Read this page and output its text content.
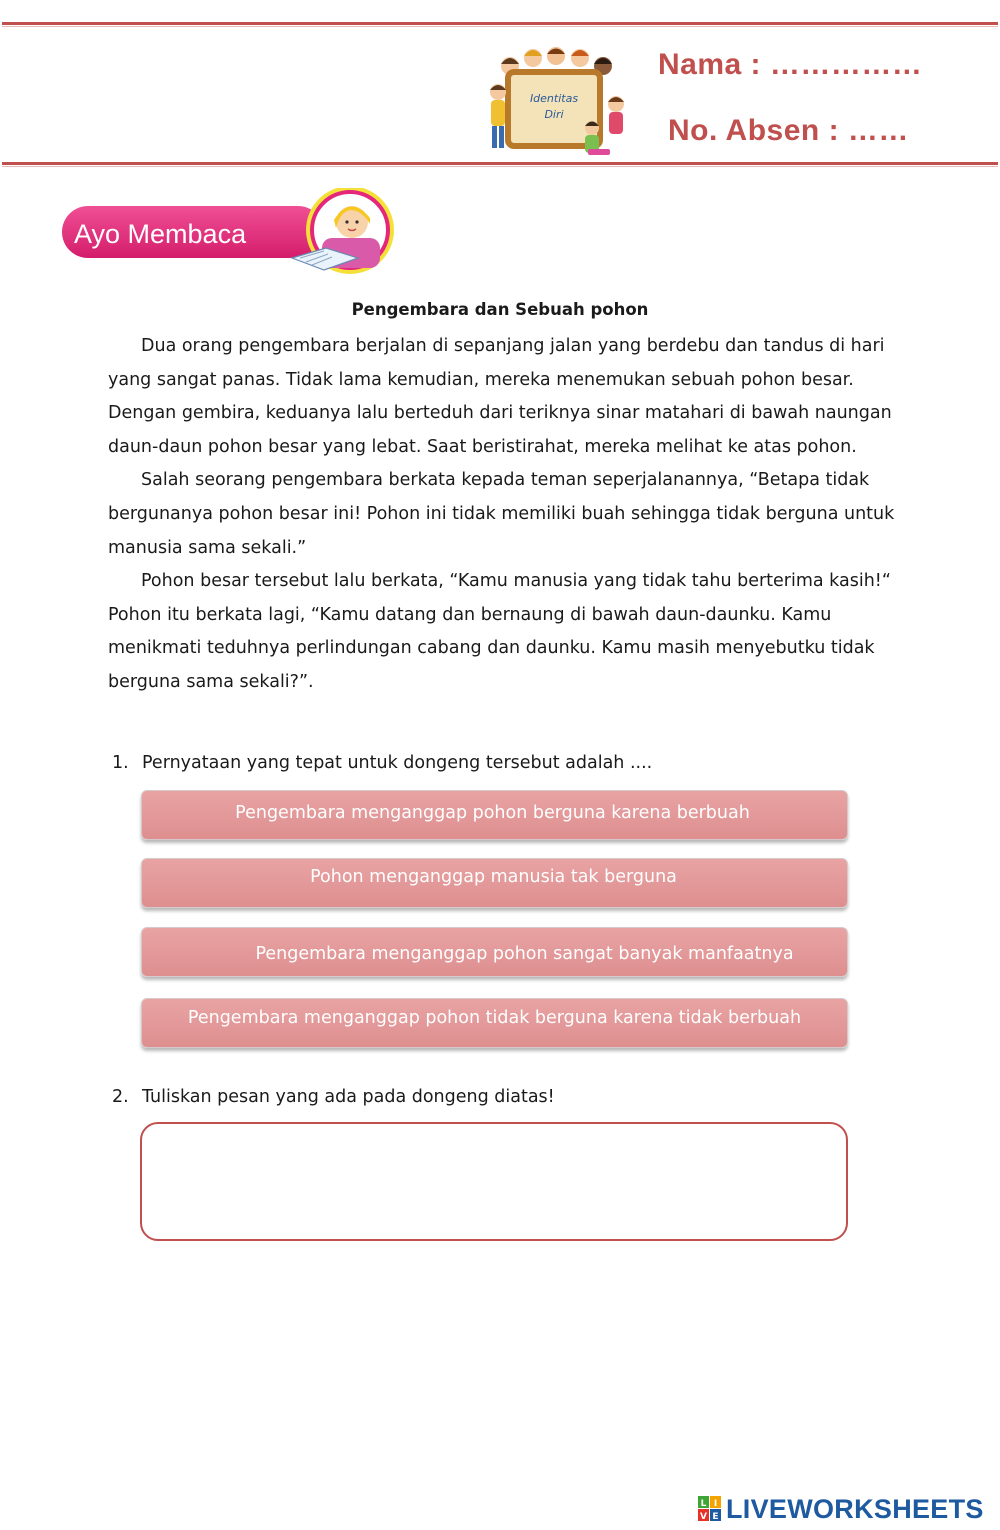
Identitas
Diri
Nama : ……………
No. Absen : ……
Ayo Membaca
Pengembara dan Sebuah pohon

Dua orang pengembara berjalan di sepanjang jalan yang berdebu dan tandus di hari yang sangat panas. Tidak lama kemudian, mereka menemukan sebuah pohon besar. Dengan gembira, keduanya lalu berteduh dari teriknya sinar matahari di bawah naungan daun-daun pohon besar yang lebat. Saat beristirahat, mereka melihat ke atas pohon.

Salah seorang pengembara berkata kepada teman seperjalanannya, “Betapa tidak bergunanya pohon besar ini! Pohon ini tidak memiliki buah sehingga tidak berguna untuk manusia sama sekali.”

Pohon besar tersebut lalu berkata, “Kamu manusia yang tidak tahu berterima kasih!“ Pohon itu berkata lagi, “Kamu datang dan bernaung di bawah daun-daunku. Kamu menikmati teduhnya perlindungan cabang dan daunku. Kamu masih menyebutku tidak berguna sama sekali?”.

1. Pernyataan yang tepat untuk dongeng tersebut adalah ....
Pengembara menganggap pohon berguna karena berbuah
Pohon menganggap manusia tak berguna
Pengembara menganggap pohon sangat banyak manfaatnya
Pengembara menganggap pohon tidak berguna karena tidak berbuah
2. Tuliskan pesan yang ada pada dongeng diatas!
L I
V E LIVEWORKSHEETS
